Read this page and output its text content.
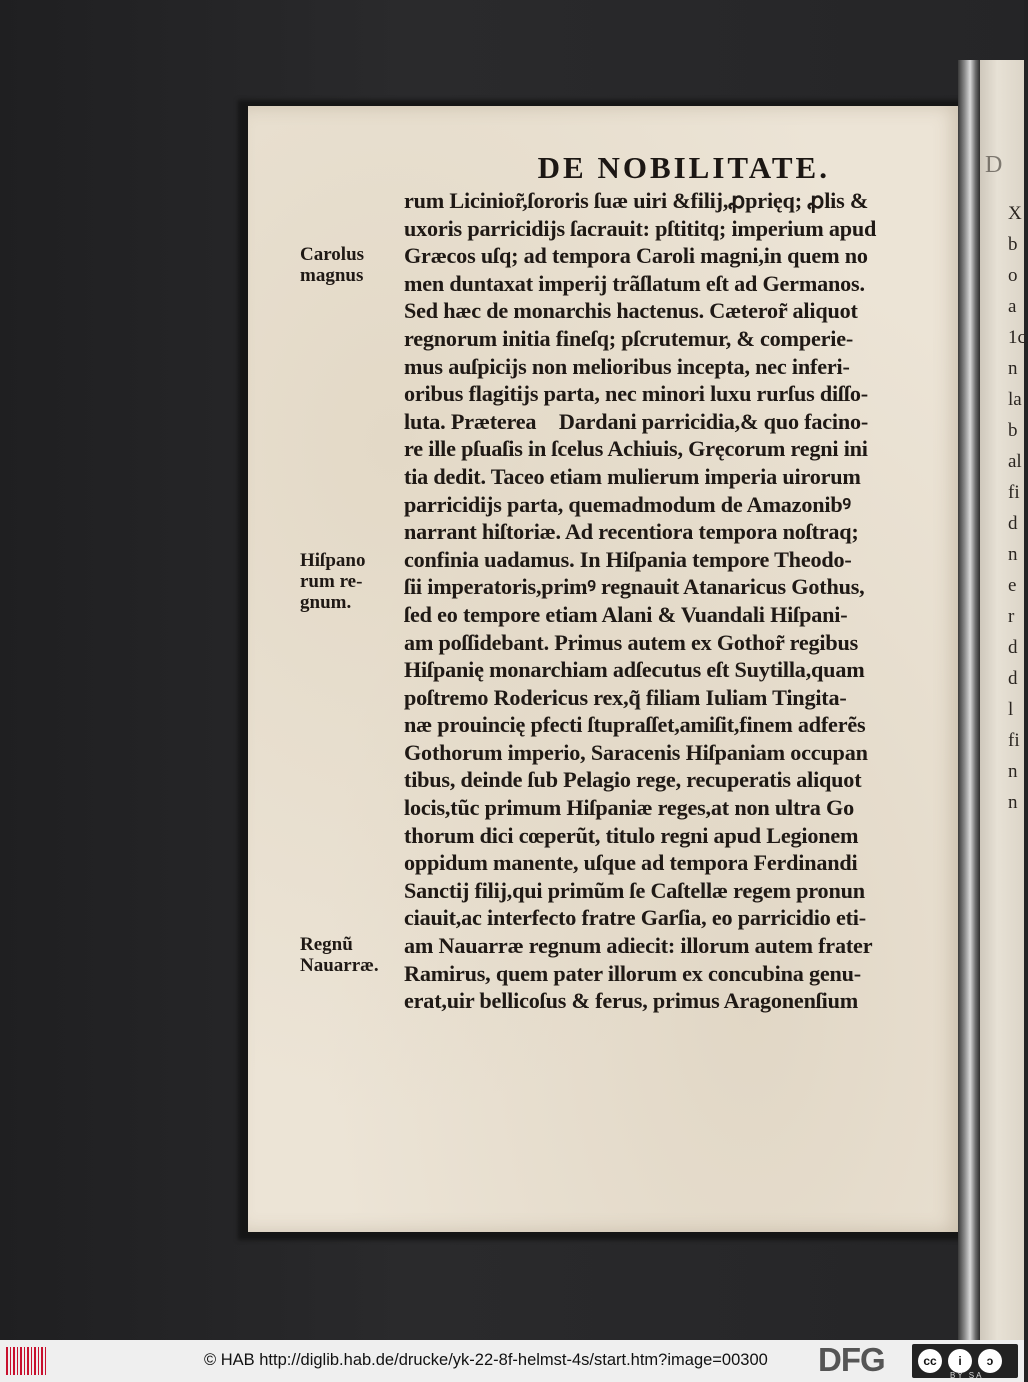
D
X
b
o
a
1c
n
la
b
al
fi
d
n
e
r
d
d
l
fi
n
n
DE NOBILITATE.
Carolus
magnus
Hiſpano
rum re-
gnum.
Regnũ
Nauarræ.
rum Licinior̃,ſororis ſuæ uiri &filij,ꝓprięq; ꝓlis &
uxoris parricidijs ſacrauit: pſtititq; imperium apud
Græcos uſq; ad tempora Caroli magni,in quem no
men duntaxat imperij trãſlatum eſt ad Germanos.
Sed hæc de monarchis hactenus. Cæteror̃ aliquot
regnorum initia fineſq; pſcrutemur, & comperie-
mus auſpicijs non melioribus incepta, nec inferi-
oribus flagitijs parta, nec minori luxu rurſus diſſo-
luta. Prætereaᷓ Dardani parricidia,& quo facino-
re ille pſuaſis in ſcelus Achiuis, Gręcorum regni ini
tia dedit. Taceo etiam mulierum imperia uirorum
parricidijs parta, quemadmodum de Amazonibꝰ
narrant hiſtoriæ. Ad recentiora tempora noſtraq;
confinia uadamus. In Hiſpania tempore Theodo-
ſii imperatoris,primꝰ regnauit Atanaricus Gothus,
ſed eo tempore etiam Alani & Vuandali Hiſpani-
am poſſidebant. Primus autem ex Gothor̃ regibus
Hiſpanię monarchiam adſecutus eſt Suytilla,quam
poſtremo Rodericus rex,q̃ filiam Iuliam Tingita-
næ prouincię pfecti ſtupraſſet,amiſit,finem adferẽs
Gothorum imperio, Saracenis Hiſpaniam occupan
tibus, deinde ſub Pelagio rege, recuperatis aliquot
locis,tũc primum Hiſpaniæ reges,at non ultra Go
thorum dici cœperũt, titulo regni apud Legionem
oppidum manente, uſque ad tempora Ferdinandi
Sanctij filij,qui primũm ſe Caſtellæ regem pronun
ciauit,ac interfecto fratre Garſia, eo parricidio eti-
am Nauarræ regnum adiecit: illorum autem frater
Ramirus, quem pater illorum ex concubina genu-
erat,uir bellicoſus & ferus, primus Aragonenſium
© HAB http://diglib.hab.de/drucke/yk-22-8f-helmst-4s/start.htm?image=00300 DFG	cc	i	ↄ
BY SA
